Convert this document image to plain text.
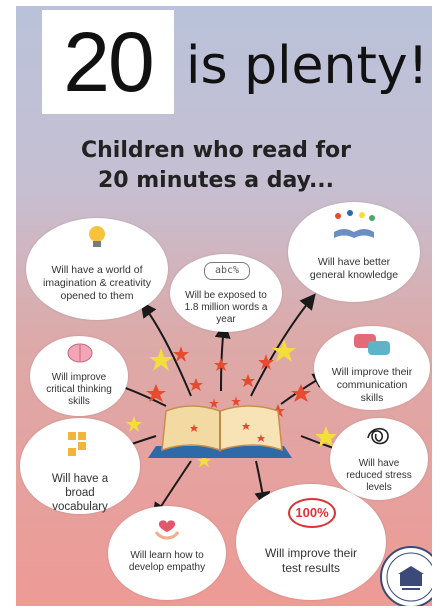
20 is plenty!
Children who read for
20 minutes a day...
Will have a world of imagination & creativity opened to them
abc%
Will be exposed to 1.8 million words a year
Will have better general knowledge
Will improve critical thinking skills
Will improve their communication skills
Will have a broad vocabulary
Will have reduced stress levels
Will learn how to develop empathy
100%
Will improve their test results
